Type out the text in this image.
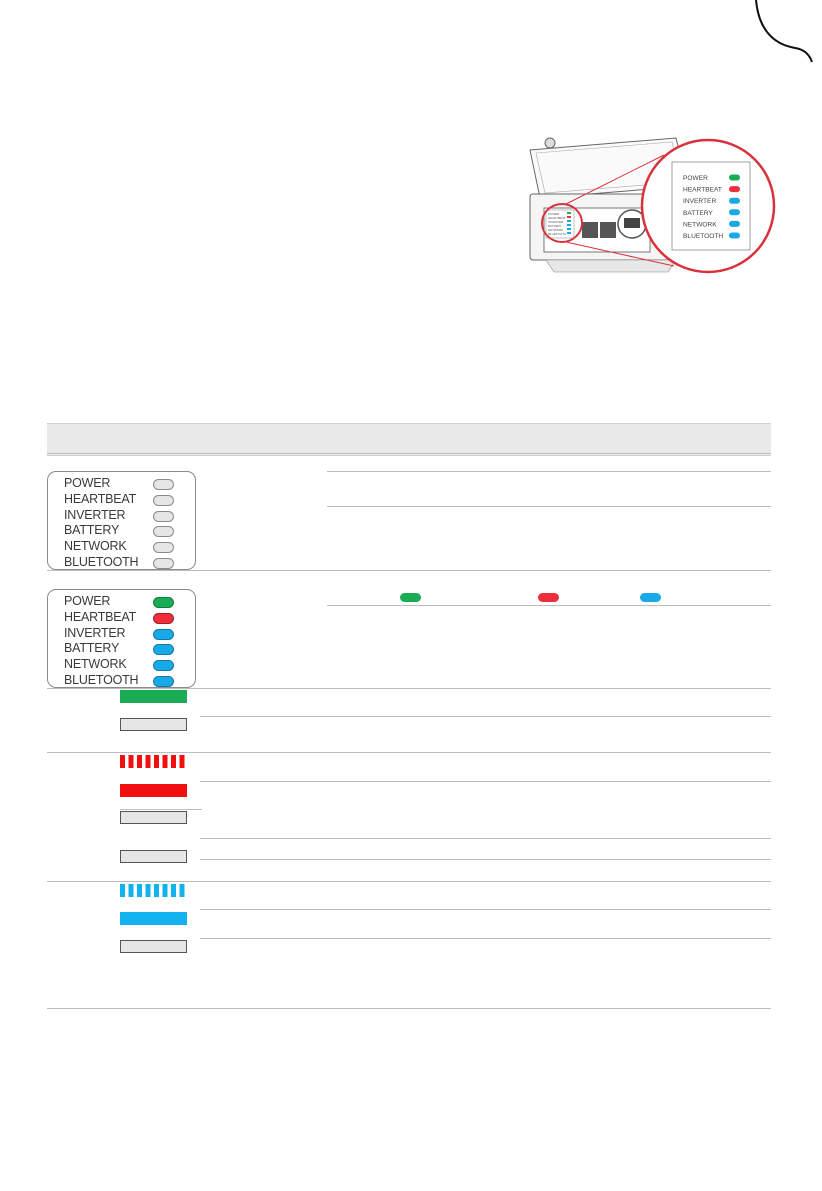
POWER
HEARTBEAT
INVERTER
BATTERY
NETWORK
BLUETOOTH
POWER
HEARTBEAT
INVERTER
BATTERY
NETWORK
BLUETOOTH
POWER
HEARTBEAT
INVERTER
BATTERY
NETWORK
BLUETOOTH
POWER
HEARTBEAT
INVERTER
BATTERY
NETWORK
BLUETOOTH
